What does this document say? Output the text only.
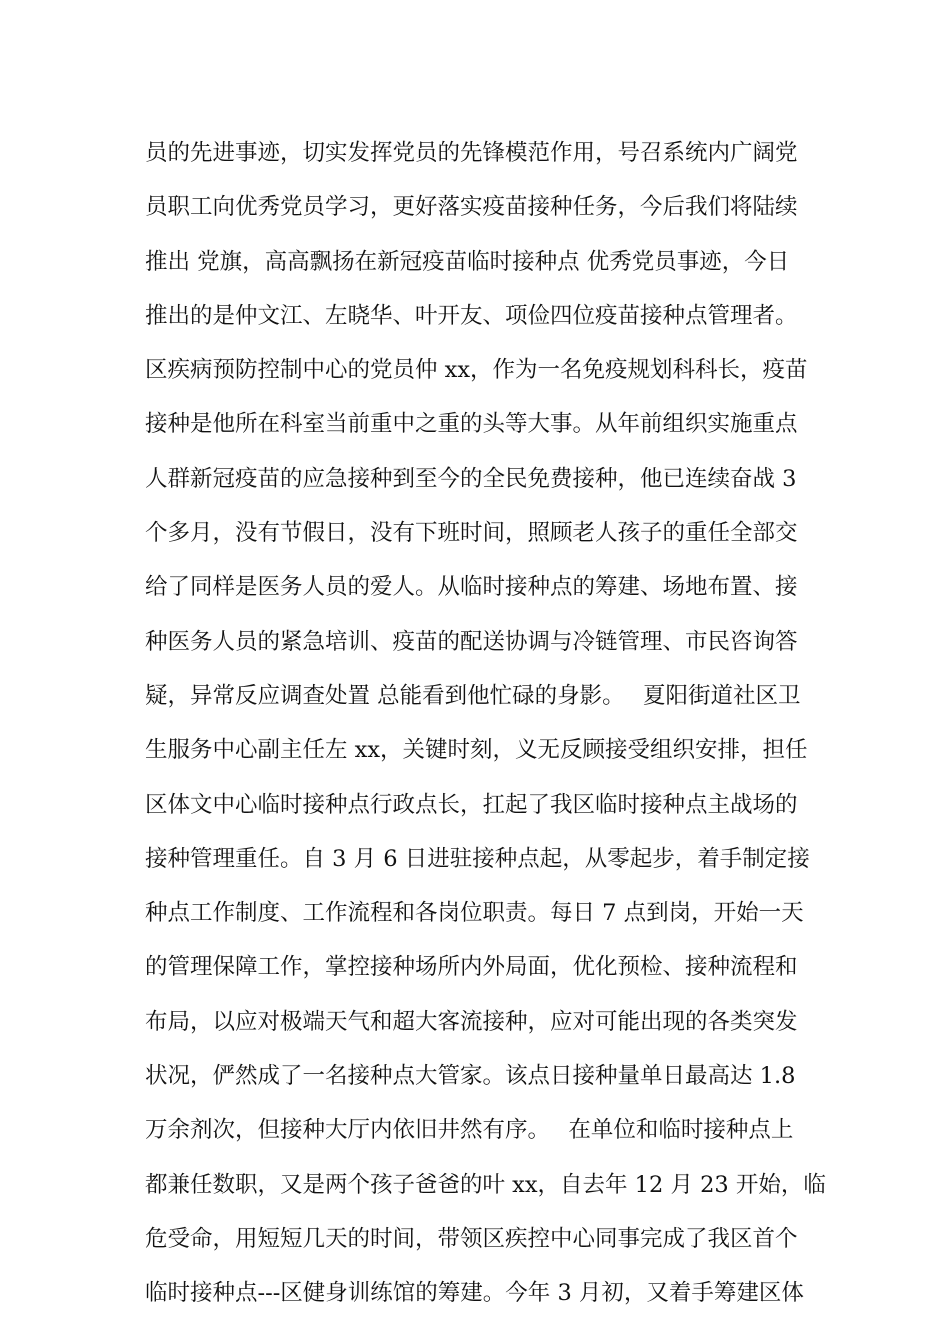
员的先进事迹，切实发挥党员的先锋模范作用，号召系统内广阔党
员职工向优秀党员学习，更好落实疫苗接种任务，今后我们将陆续
推出 党旗，高高飘扬在新冠疫苗临时接种点 优秀党员事迹，今日
推出的是仲文江、左晓华、叶开友、项俭四位疫苗接种点管理者。
区疾病预防控制中心的党员仲 xx，作为一名免疫规划科科长，疫苗
接种是他所在科室当前重中之重的头等大事。从年前组织实施重点
人群新冠疫苗的应急接种到至今的全民免费接种，他已连续奋战 3
个多月，没有节假日，没有下班时间，照顾老人孩子的重任全部交
给了同样是医务人员的爱人。从临时接种点的筹建、场地布置、接
种医务人员的紧急培训、疫苗的配送协调与冷链管理、市民咨询答
疑，异常反应调查处置 总能看到他忙碌的身影。　 夏阳街道社区卫
生服务中心副主任左 xx，关键时刻，义无反顾接受组织安排，担任
区体文中心临时接种点行政点长，扛起了我区临时接种点主战场的
接种管理重任。自 3 月 6 日进驻接种点起，从零起步，着手制定接
种点工作制度、工作流程和各岗位职责。每日 7 点到岗，开始一天
的管理保障工作，掌控接种场所内外局面，优化预检、接种流程和
布局，以应对极端天气和超大客流接种，应对可能出现的各类突发
状况，俨然成了一名接种点大管家。该点日接种量单日最高达 1.8
万余剂次，但接种大厅内依旧井然有序。　 在单位和临时接种点上
都兼任数职，又是两个孩子爸爸的叶 xx，自去年 12 月 23 开始，临
危受命，用短短几天的时间，带领区疾控中心同事完成了我区首个
临时接种点---区健身训练馆的筹建。今年 3 月初，又着手筹建区体
